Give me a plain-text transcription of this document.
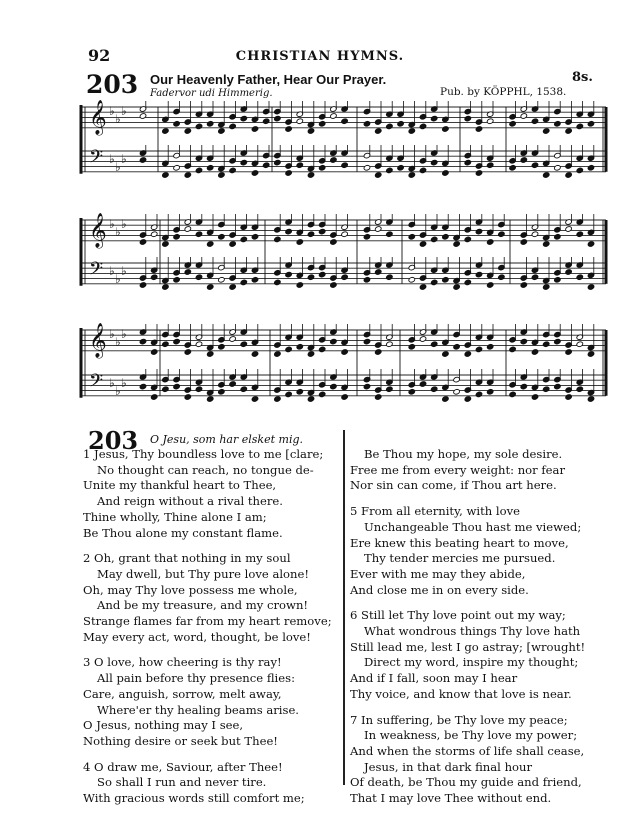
92	CHRISTIAN HYMNS.
203 Our Heavenly Father, Hear Our Prayer.
Fadervor udi Himmerig.
8s.
Pub. by KÖPPHL, 1538.
𝄞
𝄢
♭
♭
♭
♭
♭
♭
𝄞
𝄢
♭
♭
♭
♭
♭
♭
𝄞
𝄢
♭
♭
♭
♭
♭
♭
203 O Jesu, som har elsket mig.
1 Jesus, Thy boundless love to me [clare;
No thought can reach, no tongue de-
Unite my thankful heart to Thee,
And reign without a rival there.
Thine wholly, Thine alone I am;
Be Thou alone my constant flame.
2 Oh, grant that nothing in my soul
May dwell, but Thy pure love alone!
Oh, may Thy love possess me whole,
And be my treasure, and my crown!
Strange flames far from my heart remove;
May every act, word, thought, be love!
3 O love, how cheering is thy ray!
All pain before thy presence flies:
Care, anguish, sorrow, melt away,
Where'er thy healing beams arise.
O Jesus, nothing may I see,
Nothing desire or seek but Thee!
4 O draw me, Saviour, after Thee!
So shall I run and never tire.
With gracious words still comfort me;
Be Thou my hope, my sole desire.
Free me from every weight: nor fear
Nor sin can come, if Thou art here.
5 From all eternity, with love
Unchangeable Thou hast me viewed;
Ere knew this beating heart to move,
Thy tender mercies me pursued.
Ever with me may they abide,
And close me in on every side.
6 Still let Thy love point out my way;
What wondrous things Thy love hath
Still lead me, lest I go astray; [wrought!
Direct my word, inspire my thought;
And if I fall, soon may I hear
Thy voice, and know that love is near.
7 In suffering, be Thy love my peace;
In weakness, be Thy love my power;
And when the storms of life shall cease,
Jesus, in that dark final hour
Of death, be Thou my guide and friend,
That I may love Thee without end.
